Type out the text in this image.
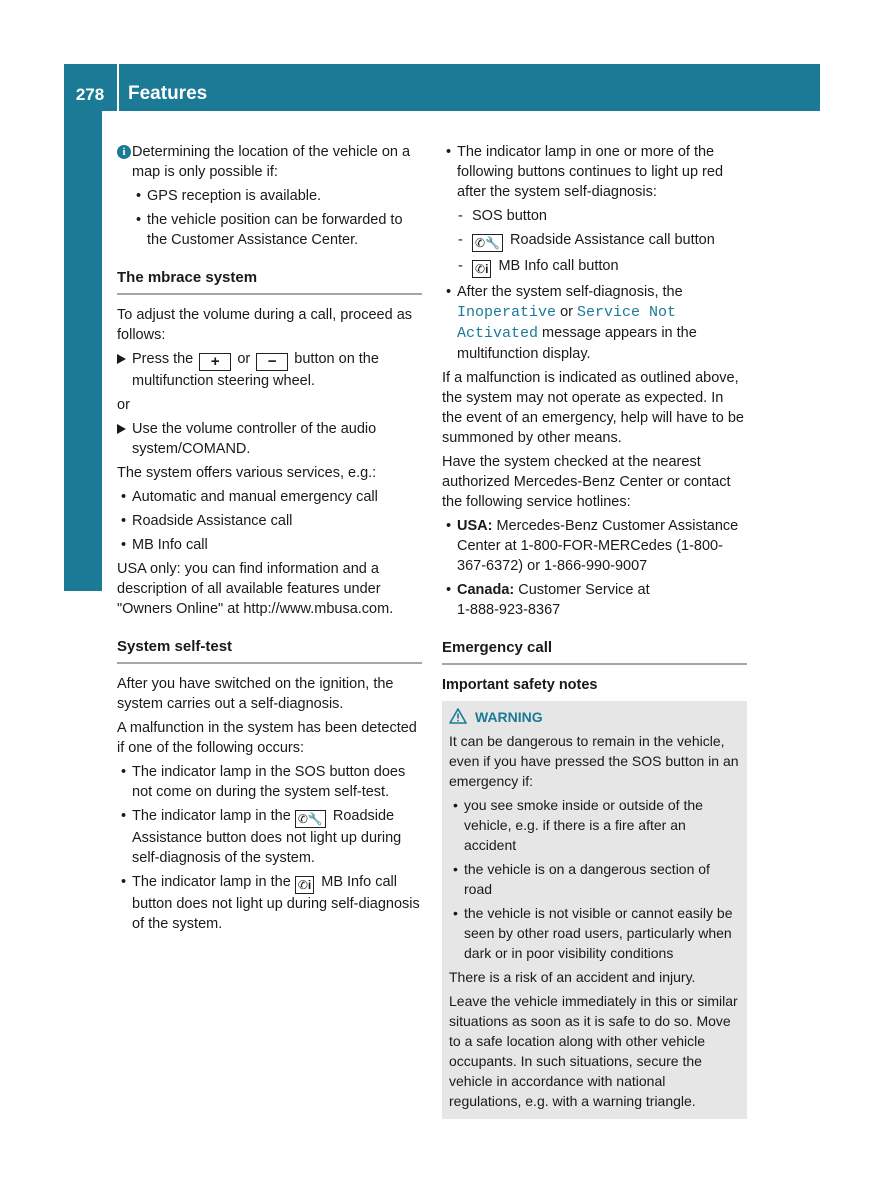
278	Features
Stowage and features
i Determining the location of the vehicle on a map is only possible if:
• GPS reception is available.
• the vehicle position can be forwarded to the Customer Assistance Center.
The mbrace system

To adjust the volume during a call, proceed as follows:

Press the + or − button on the multifunction steering wheel.

or

Use the volume controller of the audio system/COMAND.

The system offers various services, e.g.:

• Automatic and manual emergency call
• Roadside Assistance call
• MB Info call

USA only: you can find information and a description of all available features under "Owners Online" at http://www.mbusa.com.

System self-test

After you have switched on the ignition, the system carries out a self-diagnosis.

A malfunction in the system has been detected if one of the following occurs:

• The indicator lamp in the SOS button does not come on during the system self-test.
• The indicator lamp in the ✆🔧 Roadside Assistance button does not light up during self-diagnosis of the system.
• The indicator lamp in the ✆i MB Info call button does not light up during self-diagnosis of the system.
• The indicator lamp in one or more of the following buttons continues to light up red after the system self-diagnosis:
- SOS button
- ✆🔧 Roadside Assistance call button
- ✆i MB Info call button
• After the system self-diagnosis, the Inoperative or Service Not Activated message appears in the multifunction display.

If a malfunction is indicated as outlined above, the system may not operate as expected. In the event of an emergency, help will have to be summoned by other means.

Have the system checked at the nearest authorized Mercedes-Benz Center or contact the following service hotlines:

• USA: Mercedes-Benz Customer Assistance Center at 1-800-FOR-MERCedes (1-800-367-6372) or 1-866-990-9007
• Canada: Customer Service at
1-888-923-8367
Emergency call
Important safety notes
WARNING

It can be dangerous to remain in the vehicle, even if you have pressed the SOS button in an emergency if:

• you see smoke inside or outside of the vehicle, e.g. if there is a fire after an accident
• the vehicle is on a dangerous section of road
• the vehicle is not visible or cannot easily be seen by other road users, particularly when dark or in poor visibility conditions

There is a risk of an accident and injury.

Leave the vehicle immediately in this or similar situations as soon as it is safe to do so. Move to a safe location along with other vehicle occupants. In such situations, secure the vehicle in accordance with national regulations, e.g. with a warning triangle.
